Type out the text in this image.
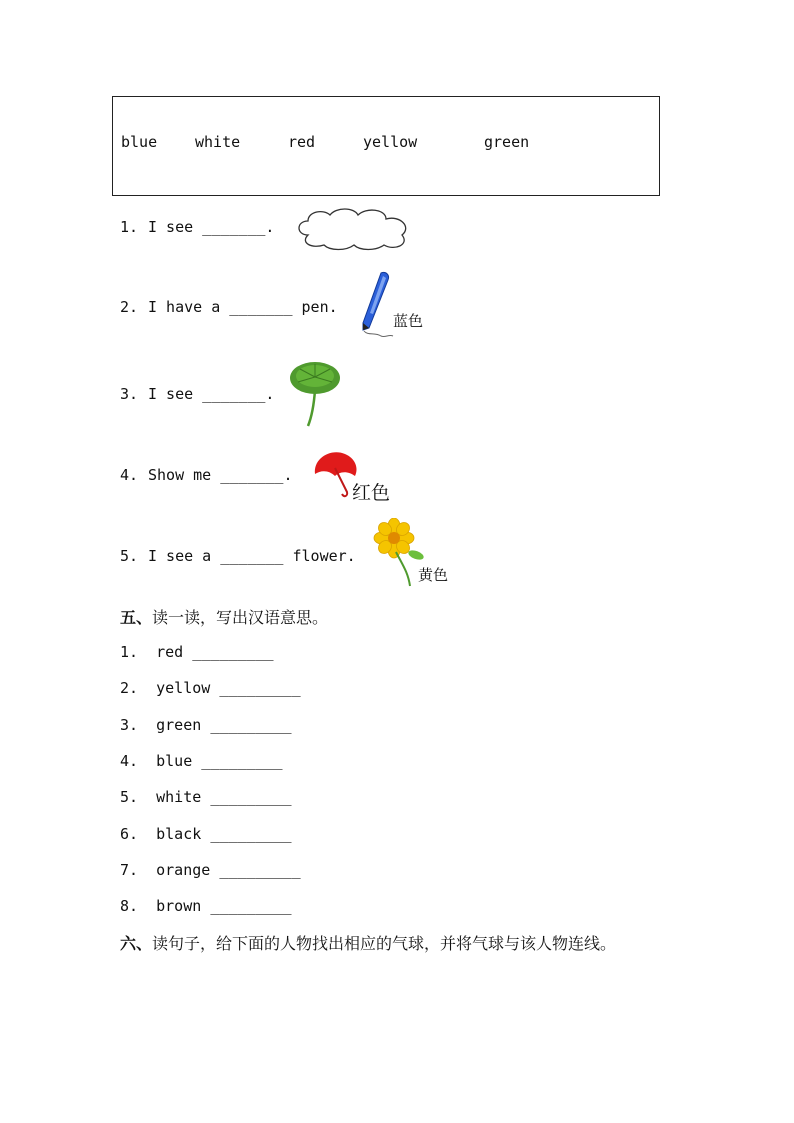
blue	white	red	yellow	green
1. I see _______.
2. I have a _______ pen.
蓝色
3. I see _______.
4. Show me _______.
红色
5. I see a _______ flower.
黄色
五、读一读，写出汉语意思。
1. red _________
2. yellow _________
3. green _________
4. blue _________
5. white _________
6. black _________
7. orange _________
8. brown _________
六、读句子，给下面的人物找出相应的气球，并将气球与该人物连线。
